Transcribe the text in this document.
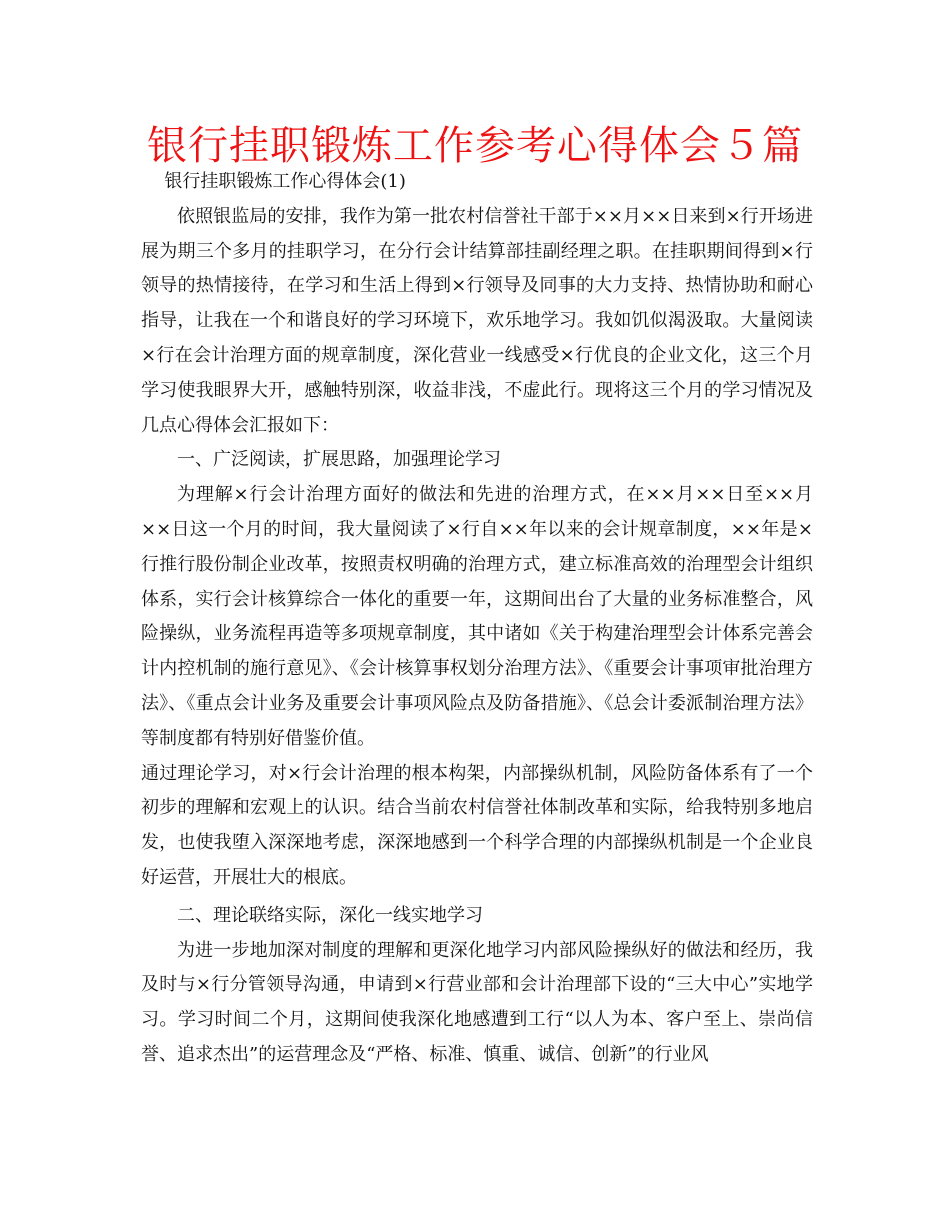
银行挂职锻炼工作参考心得体会５篇

银行挂职锻炼工作心得体会(1)

依照银监局的安排，我作为第一批农村信誉社干部于××月××日来到×行开场进展为期三个多月的挂职学习，在分行会计结算部挂副经理之职。在挂职期间得到×行领导的热情接待，在学习和生活上得到×行领导及同事的大力支持、热情协助和耐心指导，让我在一个和谐良好的学习环境下，欢乐地学习。我如饥似渴汲取。大量阅读×行在会计治理方面的规章制度，深化营业一线感受×行优良的企业文化，这三个月学习使我眼界大开，感触特别深，收益非浅，不虚此行。现将这三个月的学习情况及几点心得体会汇报如下：

一、广泛阅读，扩展思路，加强理论学习

为理解×行会计治理方面好的做法和先进的治理方式，在××月××日至××月××日这一个月的时间，我大量阅读了×行自××年以来的会计规章制度，××年是×行推行股份制企业改革，按照责权明确的治理方式，建立标准高效的治理型会计组织体系，实行会计核算综合一体化的重要一年，这期间出台了大量的业务标准整合，风险操纵，业务流程再造等多项规章制度，其中诸如《关于构建治理型会计体系完善会计内控机制的施行意见》、《会计核算事权划分治理方法》、《重要会计事项审批治理方法》、《重点会计业务及重要会计事项风险点及防备措施》、《总会计委派制治理方法》等制度都有特别好借鉴价值。

通过理论学习，对×行会计治理的根本构架，内部操纵机制，风险防备体系有了一个初步的理解和宏观上的认识。结合当前农村信誉社体制改革和实际，给我特别多地启发，也使我堕入深深地考虑，深深地感到一个科学合理的内部操纵机制是一个企业良好运营，开展壮大的根底。

二、理论联络实际，深化一线实地学习

为进一步地加深对制度的理解和更深化地学习内部风险操纵好的做法和经历，我及时与×行分管领导沟通，申请到×行营业部和会计治理部下设的“三大中心”实地学习。学习时间二个月，这期间使我深化地感遭到工行“以人为本、客户至上、崇尚信誉、追求杰出”的运营理念及“严格、标准、慎重、诚信、创新”的行业风
